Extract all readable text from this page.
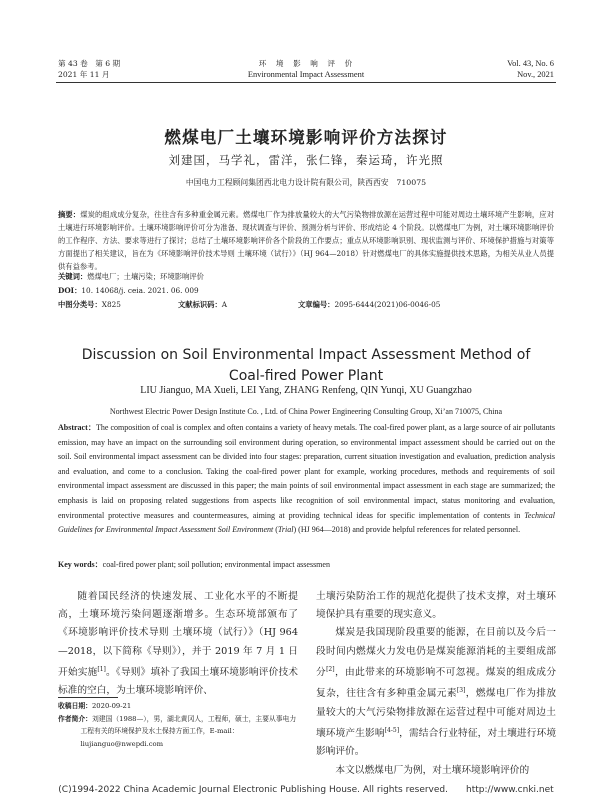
第 43 卷　第 6 期
2021 年 11 月
环　境　影　响　评　价
Environmental Impact Assessment
Vol. 43, No. 6
Nov., 2021
燃煤电厂土壤环境影响评价方法探讨
刘建国，马学礼，雷洋，张仁锋，秦运琦，许光照
中国电力工程顾问集团西北电力设计院有限公司，陕西西安　710075
摘要：煤炭的组成成分复杂，往往含有多种重金属元素。燃煤电厂作为排放量较大的大气污染物排放源在运营过程中可能对周边土壤环境产生影响，应对土壤进行环境影响评价。土壤环境影响评价可分为准备、现状调查与评价、预测分析与评价、形成结论 4 个阶段。以燃煤电厂为例，对土壤环境影响评价的工作程序、方法、要求等进行了探讨；总结了土壤环境影响评价各个阶段的工作要点；重点从环境影响识别、现状监测与评价、环境保护措施与对策等方面提出了相关建议，旨在为《环境影响评价技术导则 土壤环境（试行）》（HJ 964—2018）针对燃煤电厂的具体实施提供技术思路，为相关从业人员提供有益参考。
关键词：燃煤电厂；土壤污染；环境影响评价
DOI：10. 14068/j. ceia. 2021. 06. 009
中图分类号：X825	文献标识码：A	文章编号：2095-6444(2021)06-0046-05
Discussion on Soil Environmental Impact Assessment Method of
Coal-fired Power Plant
LIU Jianguo, MA Xueli, LEI Yang, ZHANG Renfeng, QIN Yunqi, XU Guangzhao
Northwest Electric Power Design Institute Co. , Ltd. of China Power Engineering Consulting Group, Xi’an 710075, China
Abstract：The composition of coal is complex and often contains a variety of heavy metals. The coal-fired power plant, as a large source of air pollutants emission, may have an impact on the surrounding soil environment during operation, so environmental impact assessment should be carried out on the soil. Soil environmental impact assessment can be divided into four stages: preparation, current situation investigation and evaluation, prediction analysis and evaluation, and come to a conclusion. Taking the coal-fired power plant for example, working procedures, methods and requirements of soil environmental impact assessment are discussed in this paper; the main points of soil environmental impact assessment in each stage are summarized; the emphasis is laid on proposing related suggestions from aspects like recognition of soil environmental impact, status monitoring and evaluation, environmental protective measures and countermeasures, aiming at providing technical ideas for specific implementation of contents in Technical Guidelines for Environmental Impact Assessment Soil Environment (Trial) (HJ 964—2018) and provide helpful references for related personnel.
Key words：coal-fired power plant; soil pollution; environmental impact assessmen
随着国民经济的快速发展、工业化水平的不断提高，土壤环境污染问题逐渐增多。生态环境部颁布了《环境影响评价技术导则 土壤环境（试行）》（HJ 964—2018，以下简称《导则》），并于 2019 年 7 月 1 日开始实施[1]。《导则》填补了我国土壤环境影响评价技术标准的空白，为土壤环境影响评价、
土壤污染防治工作的规范化提供了技术支撑，对土壤环境保护具有重要的现实意义。
煤炭是我国现阶段重要的能源，在目前以及今后一段时间内燃煤火力发电仍是煤炭能源消耗的主要组成部分[2]，由此带来的环境影响不可忽视。煤炭的组成成分复杂，往往含有多种重金属元素[3]，燃煤电厂作为排放量较大的大气污染物排放源在运营过程中可能对周边土壤环境产生影响[4-5]，需结合行业特征，对土壤进行环境影响评价。
本文以燃煤电厂为例，对土壤环境影响评价的
收稿日期：2020-09-21
作者简介：刘建国（1988—），男，湖北黄冈人，工程师，硕士，主要从事电力工程有关的环境保护及水土保持方面工作，E-mail：liujianguo@nwepdi.com
(C)1994-2022 China Academic Journal Electronic Publishing House. All rights reserved.　　http://www.cnki.net
